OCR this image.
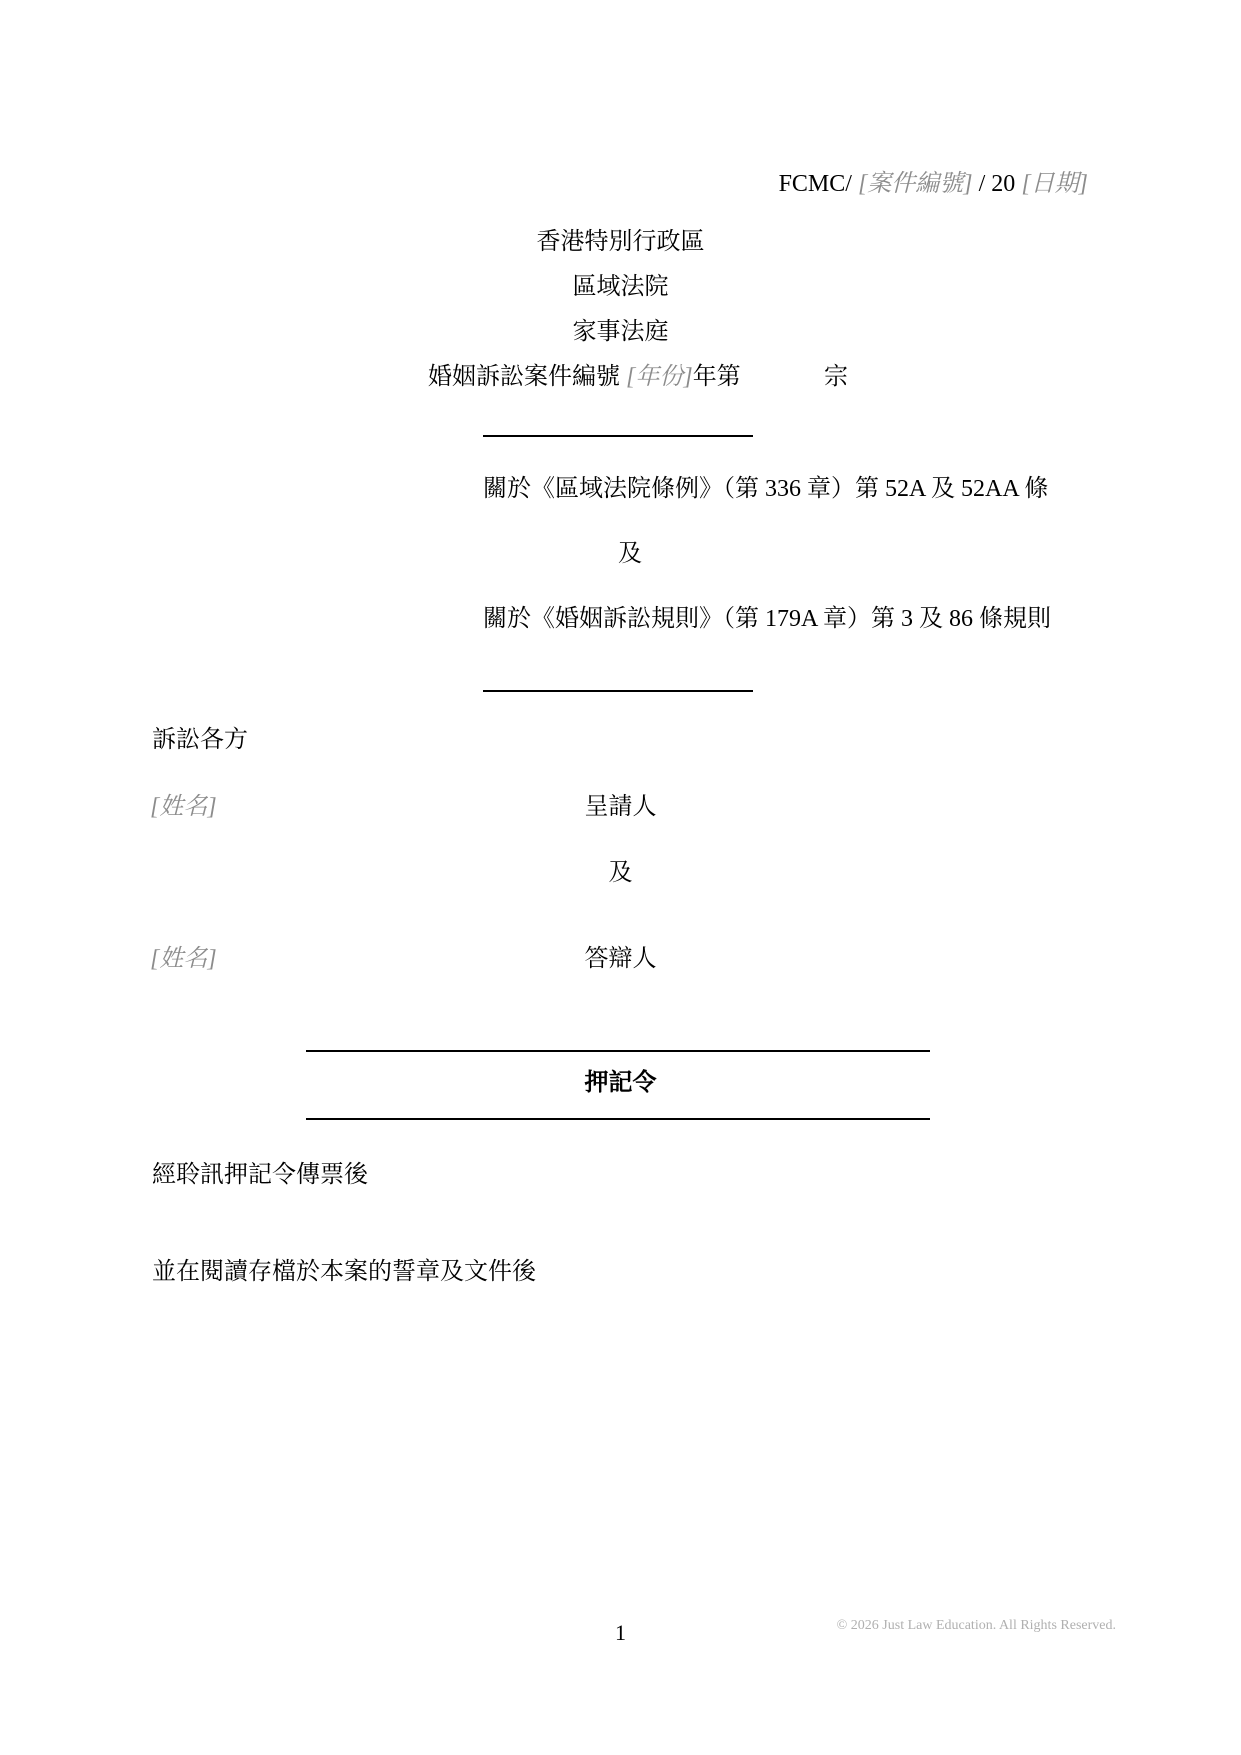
FCMC/ [案件編號] / 20 [日期]
香港特別行政區
區域法院
家事法庭
婚姻訴訟案件編號 [年份]年第	宗
關於《區域法院條例》（第 336 章）第 52A 及 52AA 條
及
關於《婚姻訴訟規則》（第 179A 章）第 3 及 86 條規則
訴訟各方
[姓名]	呈請人
及
[姓名]	答辯人
押記令
經聆訊押記令傳票後
並在閱讀存檔於本案的誓章及文件後
1	© 2026 Just Law Education. All Rights Reserved.
